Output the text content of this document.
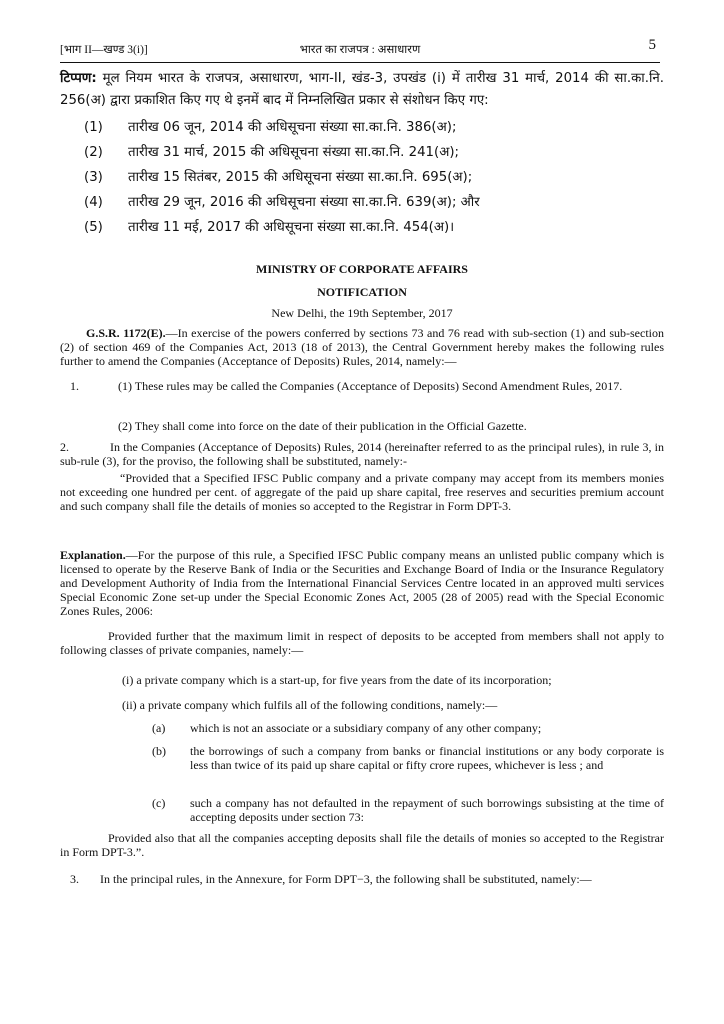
[भाग II—खण्ड 3(i)]	भारत का राजपत्र : असाधारण	5
टिप्पण: मूल नियम भारत के राजपत्र, असाधारण, भाग-II, खंड-3, उपखंड (i) में तारीख 31 मार्च, 2014 की सा.का.नि. 256(अ) द्वारा प्रकाशित किए गए थे इनमें बाद में निम्नलिखित प्रकार से संशोधन किए गए:
(1) तारीख 06 जून, 2014 की अधिसूचना संख्या सा.का.नि. 386(अ);
(2) तारीख 31 मार्च, 2015 की अधिसूचना संख्या सा.का.नि. 241(अ);
(3) तारीख 15 सितंबर, 2015 की अधिसूचना संख्या सा.का.नि. 695(अ);
(4) तारीख 29 जून, 2016 की अधिसूचना संख्या सा.का.नि. 639(अ); और
(5) तारीख 11 मई, 2017 की अधिसूचना संख्या सा.का.नि. 454(अ)।
MINISTRY OF CORPORATE AFFAIRS
NOTIFICATION
New Delhi, the 19th September, 2017
G.S.R. 1172(E).—In exercise of the powers conferred by sections 73 and 76 read with sub-section (1) and sub-section (2) of section 469 of the Companies Act, 2013 (18 of 2013), the Central Government hereby makes the following rules further to amend the Companies (Acceptance of Deposits) Rules, 2014, namely:—
1.	(1) These rules may be called the Companies (Acceptance of Deposits) Second Amendment Rules, 2017.
(2) They shall come into force on the date of their publication in the Official Gazette.
2.	In the Companies (Acceptance of Deposits) Rules, 2014 (hereinafter referred to as the principal rules), in rule 3, in sub-rule (3), for the proviso, the following shall be substituted, namely:-
“Provided that a Specified IFSC Public company and a private company may accept from its members monies not exceeding one hundred per cent. of aggregate of the paid up share capital, free reserves and securities premium account and such company shall file the details of monies so accepted to the Registrar in Form DPT-3.
Explanation.—For the purpose of this rule, a Specified IFSC Public company means an unlisted public company which is licensed to operate by the Reserve Bank of India or the Securities and Exchange Board of India or the Insurance Regulatory and Development Authority of India from the International Financial Services Centre located in an approved multi services Special Economic Zone set-up under the Special Economic Zones Act, 2005 (28 of 2005) read with the Special Economic Zones Rules, 2006:
Provided further that the maximum limit in respect of deposits to be accepted from members shall not apply to following classes of private companies, namely:—
(i) a private company which is a start-up, for five years from the date of its incorporation;
(ii) a private company which fulfils all of the following conditions, namely:—
(a) which is not an associate or a subsidiary company of any other company;
(b) the borrowings of such a company from banks or financial institutions or any body corporate is less than twice of its paid up share capital or fifty crore rupees, whichever is less ; and
(c) such a company has not defaulted in the repayment of such borrowings subsisting at the time of accepting deposits under section 73:
Provided also that all the companies accepting deposits shall file the details of monies so accepted to the Registrar in Form DPT-3.”.
3. In the principal rules, in the Annexure, for Form DPT−3, the following shall be substituted, namely:—
